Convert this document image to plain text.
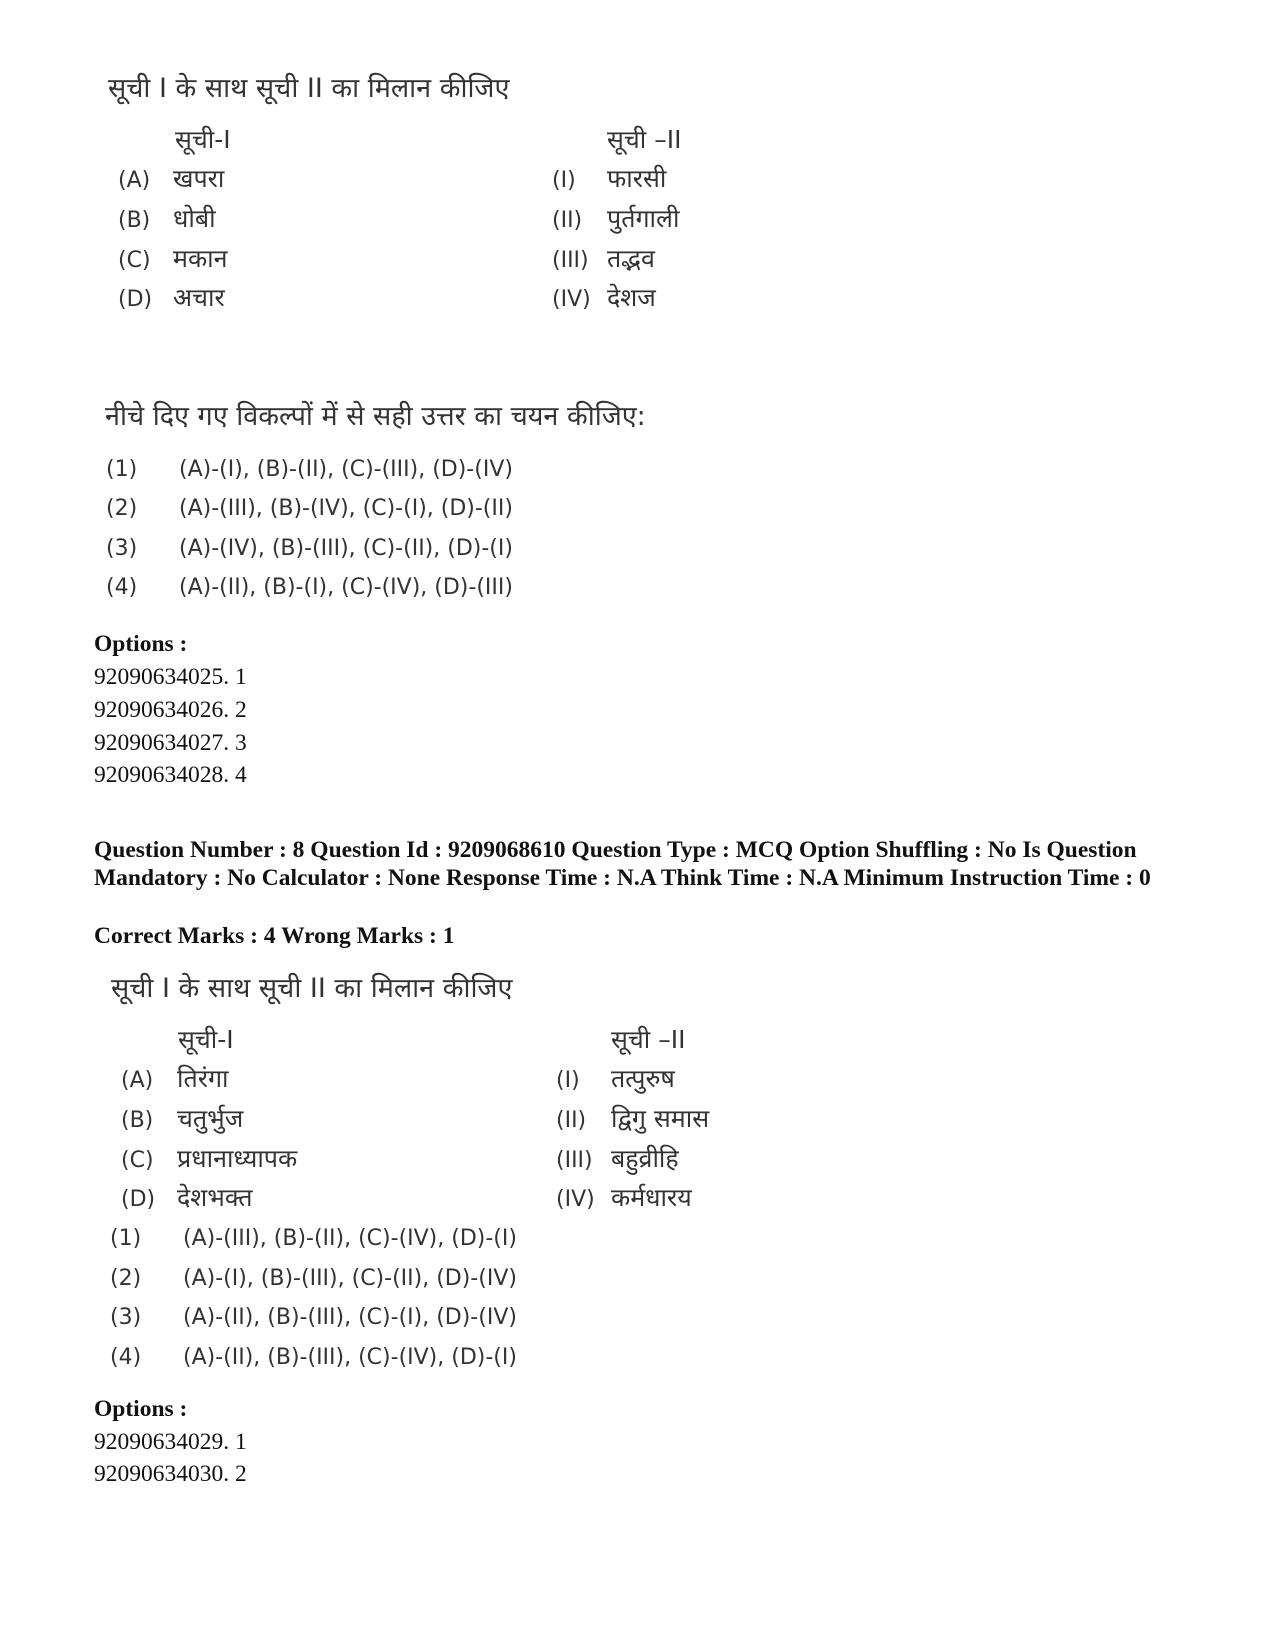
सूची I के साथ सूची II का मिलान कीजिए
सूची-I	सूची –II
(A) खपरा
(B) धोबी
(C) मकान
(D) अचार
(I) फारसी
(II) पुर्तगाली
(III) तद्भव
(IV) देशज
नीचे दिए गए विकल्पों में से सही उत्तर का चयन कीजिए:
(1) (A)-(I), (B)-(II), (C)-(III), (D)-(IV)
(2) (A)-(III), (B)-(IV), (C)-(I), (D)-(II)
(3) (A)-(IV), (B)-(III), (C)-(II), (D)-(I)
(4) (A)-(II), (B)-(I), (C)-(IV), (D)-(III)
Options :
92090634025. 1
92090634026. 2
92090634027. 3
92090634028. 4
Question Number : 8 Question Id : 9209068610 Question Type : MCQ Option Shuffling : No Is Question Mandatory : No Calculator : None Response Time : N.A Think Time : N.A Minimum Instruction Time : 0
Correct Marks : 4 Wrong Marks : 1
सूची I के साथ सूची II का मिलान कीजिए
सूची-I	सूची –II
(A) तिरंगा
(B) चतुर्भुज
(C) प्रधानाध्यापक
(D) देशभक्त
(I) तत्पुरुष
(II) द्विगु समास
(III) बहुव्रीहि
(IV) कर्मधारय
(1) (A)-(III), (B)-(II), (C)-(IV), (D)-(I)
(2) (A)-(I), (B)-(III), (C)-(II), (D)-(IV)
(3) (A)-(II), (B)-(III), (C)-(I), (D)-(IV)
(4) (A)-(II), (B)-(III), (C)-(IV), (D)-(I)
Options :
92090634029. 1
92090634030. 2
